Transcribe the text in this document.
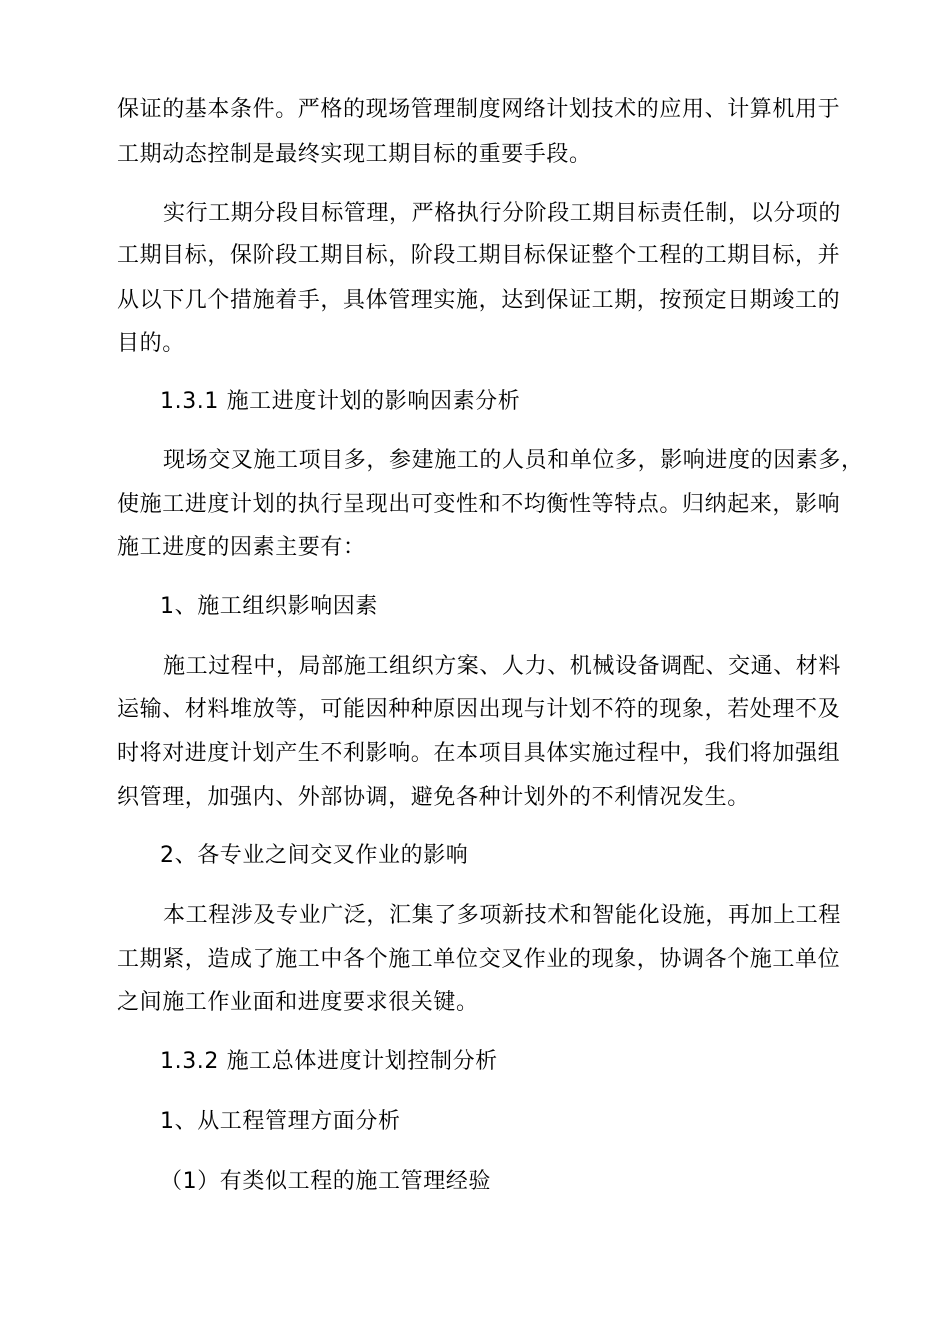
保证的基本条件。严格的现场管理制度网络计划技术的应用、计算机用于
工期动态控制是最终实现工期目标的重要手段。
实行工期分段目标管理，严格执行分阶段工期目标责任制，以分项的
工期目标，保阶段工期目标，阶段工期目标保证整个工程的工期目标，并
从以下几个措施着手，具体管理实施，达到保证工期，按预定日期竣工的
目的。
1.3.1 施工进度计划的影响因素分析
现场交叉施工项目多，参建施工的人员和单位多，影响进度的因素多，
使施工进度计划的执行呈现出可变性和不均衡性等特点。归纳起来，影响
施工进度的因素主要有：
1、施工组织影响因素
施工过程中，局部施工组织方案、人力、机械设备调配、交通、材料
运输、材料堆放等，可能因种种原因出现与计划不符的现象，若处理不及
时将对进度计划产生不利影响。在本项目具体实施过程中，我们将加强组
织管理，加强内、外部协调，避免各种计划外的不利情况发生。
2、各专业之间交叉作业的影响
本工程涉及专业广泛，汇集了多项新技术和智能化设施，再加上工程
工期紧，造成了施工中各个施工单位交叉作业的现象，协调各个施工单位
之间施工作业面和进度要求很关键。
1.3.2 施工总体进度计划控制分析
1、从工程管理方面分析
（1）有类似工程的施工管理经验
